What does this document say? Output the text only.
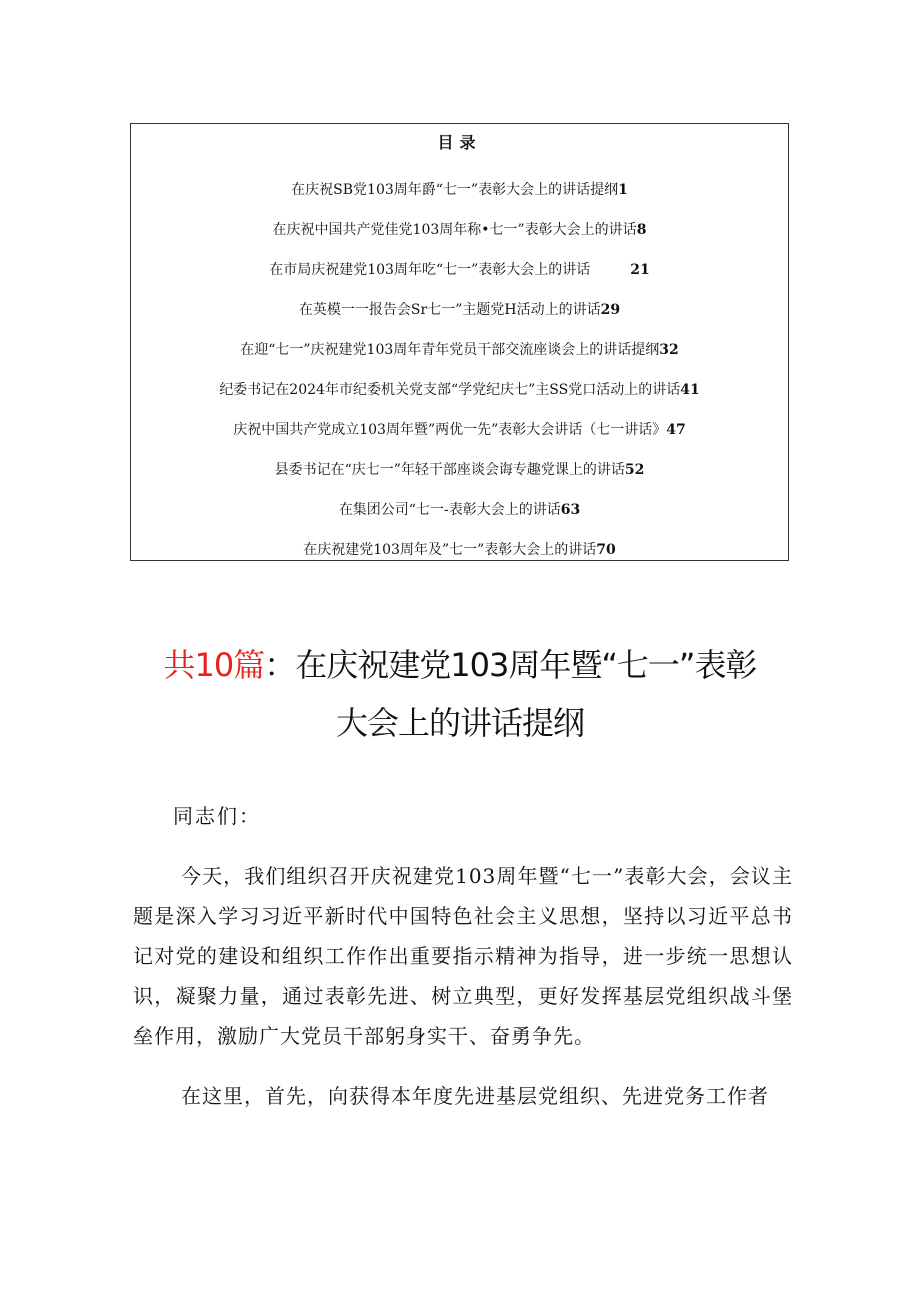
目录
在庆祝SB党103周年爵“七一”表彰大会上的讲话提纲1
在庆祝中国共产党佳党103周年称•七一”表彰大会上的讲话8
在市局庆祝建党103周年吃“七一”表彰大会上的讲话	21
在英模一一报告会Sr七一”主题党H活动上的讲话29
在迎“七一”庆祝建党103周年青年党员干部交流座谈会上的讲话提纲32
纪委书记在2024年市纪委机关党支部“学党纪庆七”主SS党口活动上的讲话41
庆祝中国共产党成立103周年暨”两优一先”表彰大会讲话（七一讲话》47
县委书记在“庆七一”年轻干部座谈会诲专趣党课上的讲话52
在集团公司“七一-表彰大会上的讲话63
在庆祝建党103周年及”七一”表彰大会上的讲话70
共10篇：在庆祝建党103周年暨“七一”表彰
大会上的讲话提纲

同志们：

今天，我们组织召开庆祝建党103周年暨“七一”表彰大会，会议主题是深入学习习近平新时代中国特色社会主义思想，坚持以习近平总书记对党的建设和组织工作作出重要指示精神为指导，进一步统一思想认识，凝聚力量，通过表彰先进、树立典型，更好发挥基层党组织战斗堡垒作用，激励广大党员干部躬身实干、奋勇争先。

在这里，首先，向获得本年度先进基层党组织、先进党务工作者
